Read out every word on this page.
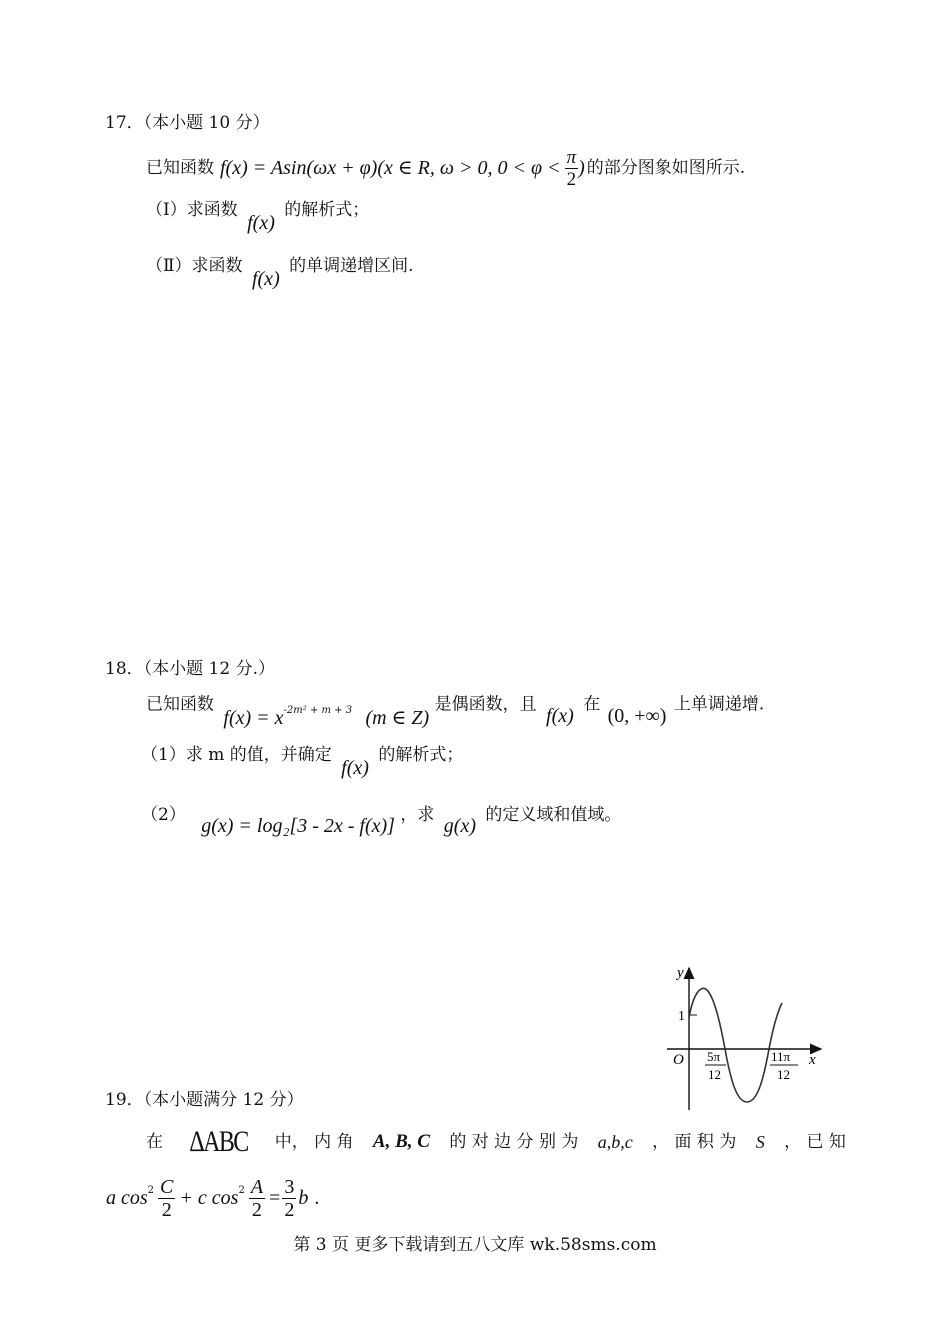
17．（本小题 10 分）
已知函数 f(x) = Asin(ωx + φ)(x ∈ R, ω > 0, $0 < \varphi < \frac{\pi}{2}$ ) 的部分图象如图所示.
（Ⅰ）求函数 f(x) 的解析式；
（Ⅱ）求函数 f(x) 的单调递增区间.
18．（本小题 12 分.）
已知函数 $f(x) = x^{-2m^2 + m + 3}$ (m ∈ Z) 是偶函数，且 f(x) 在 (0, +∞) 上单调递增.
（1）求 m 的值，并确定 f(x) 的解析式；
（2） g(x) = log₂[3 - 2x - f(x)] ，求 g(x) 的定义域和值域。
y
x
O
1
5π
12
11π
12
19．（本小题满分 12 分）
在 ΔABC 中， 内 角 A, B, C 的 对 边 分 别 为 a,b,c ， 面 积 为 S ， 已 知
a $\cos 2 \frac{C}{2} + c$ $\cos 2 \frac{A}{2} = \frac{3}{2}$ b .
第 3 页 更多下载请到五八文库 wk.58sms.com
